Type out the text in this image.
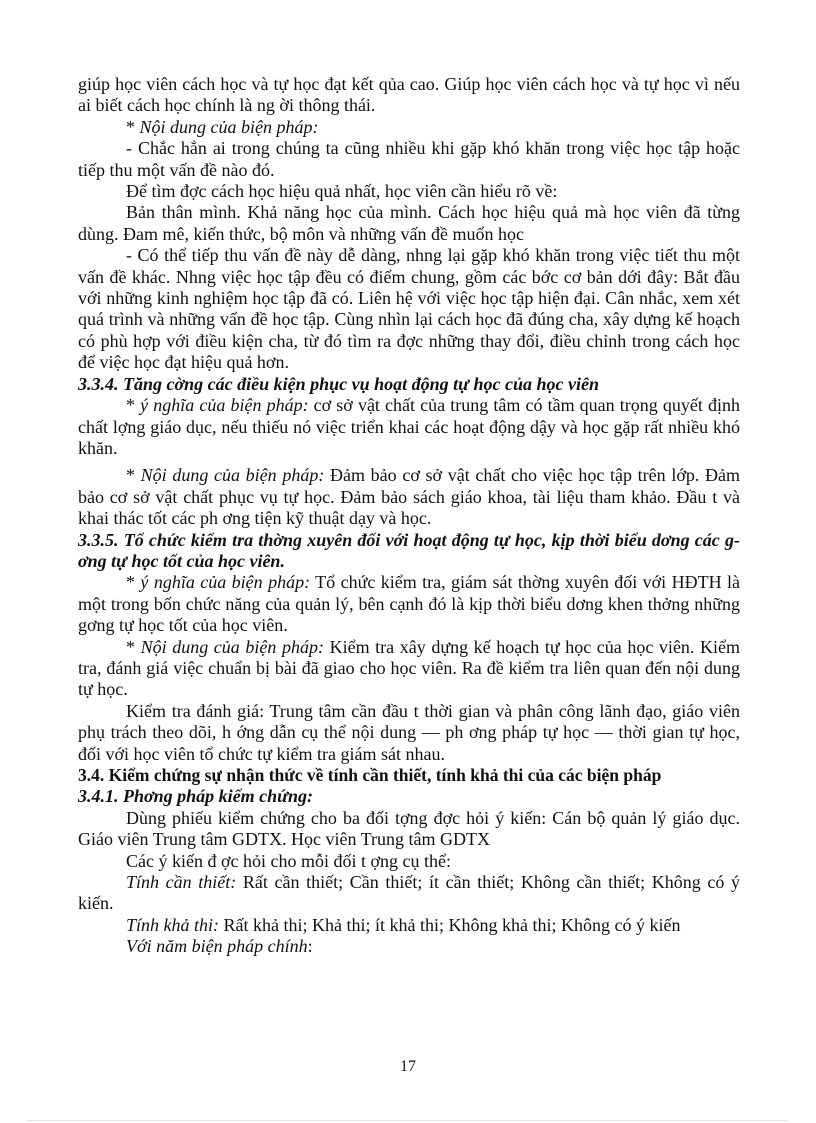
giúp học viên cách học và tự học đạt kết qủa cao. Giúp học viên cách học và tự học vì nếu ai biết cách học chính là ng ời thông thái.

* Nội dung của biện pháp:

- Chắc hẳn ai trong chúng ta cũng nhiều khi gặp khó khăn trong việc học tập hoặc tiếp thu một vấn đề nào đó.

Để tìm đợc cách học hiệu quả nhất, học viên cần hiểu rõ về:

Bản thân mình. Khả năng học của mình. Cách học hiệu quả mà học viên đã từng dùng. Đam mê, kiến thức, bộ môn và những vấn đề muốn học

- Có thể tiếp thu vấn đề này dễ dàng, nhng lại gặp khó khăn trong việc tiết thu một vấn đề khác. Nhng việc học tập đều có điểm chung, gồm các bớc cơ bản dới đây: Bắt đầu với những kinh nghiệm học tập đã có. Liên hệ với việc học tập hiện đại. Cân nhắc, xem xét quá trình và những vấn đề học tập. Cùng nhìn lại cách học đã đúng cha, xây dựng kế hoạch có phù hợp với điều kiện cha, từ đó tìm ra đợc những thay đổi, điều chỉnh trong cách học để việc học đạt hiệu quả hơn.

3.3.4. Tăng cờng các điều kiện phục vụ hoạt động tự học của học viên

* ý nghĩa của biện pháp: cơ sở vật chất của trung tâm có tầm quan trọng quyết định chất lợng giáo dục, nếu thiếu nó việc triển khai các hoạt động dậy và học gặp rất nhiều khó khăn.

* Nội dung của biện pháp: Đảm bảo cơ sở vật chất cho việc học tập trên lớp. Đảm bảo cơ sở vật chất phục vụ tự học. Đảm bảo sách giáo khoa, tài liệu tham khảo. Đầu t và khai thác tốt các ph ơng tiện kỹ thuật dạy và học.

3.3.5. Tổ chức kiểm tra thờng xuyên đối với hoạt động tự học, kịp thời biểu dơng các gơng tự học tốt của học viên.

* ý nghĩa của biện pháp: Tổ chức kiểm tra, giám sát thờng xuyên đối với HĐTH là một trong bốn chức năng của quản lý, bên cạnh đó là kịp thời biểu dơng khen thởng những gơng tự học tốt của học viên.

* Nội dung của biện pháp: Kiểm tra xây dựng kế hoạch tự học của học viên. Kiểm tra, đánh giá việc chuẩn bị bài đã giao cho học viên. Ra đề kiểm tra liên quan đến nội dung tự học.

Kiểm tra đánh giá: Trung tâm cần đầu t thời gian và phân công lãnh đạo, giáo viên phụ trách theo dõi, h ớng dẫn cụ thể nội dung — ph ơng pháp tự học — thời gian tự học, đối với học viên tổ chức tự kiểm tra giám sát nhau.

3.4. Kiểm chứng sự nhận thức về tính cần thiết, tính khả thi của các biện pháp

3.4.1. Phơng pháp kiểm chứng:

Dùng phiếu kiểm chứng cho ba đối tợng đợc hỏi ý kiến: Cán bộ quản lý giáo dục. Giáo viên Trung tâm GDTX. Học viên Trung tâm GDTX

Các ý kiến đ ợc hỏi cho mỗi đối t ợng cụ thể:

Tính cần thiết: Rất cần thiết; Cần thiết; ít cần thiết; Không cần thiết; Không có ý kiến.

Tính khả thi: Rất khả thi; Khả thi; ít khả thi; Không khả thi; Không có ý kiến

Với năm biện pháp chính:

17
